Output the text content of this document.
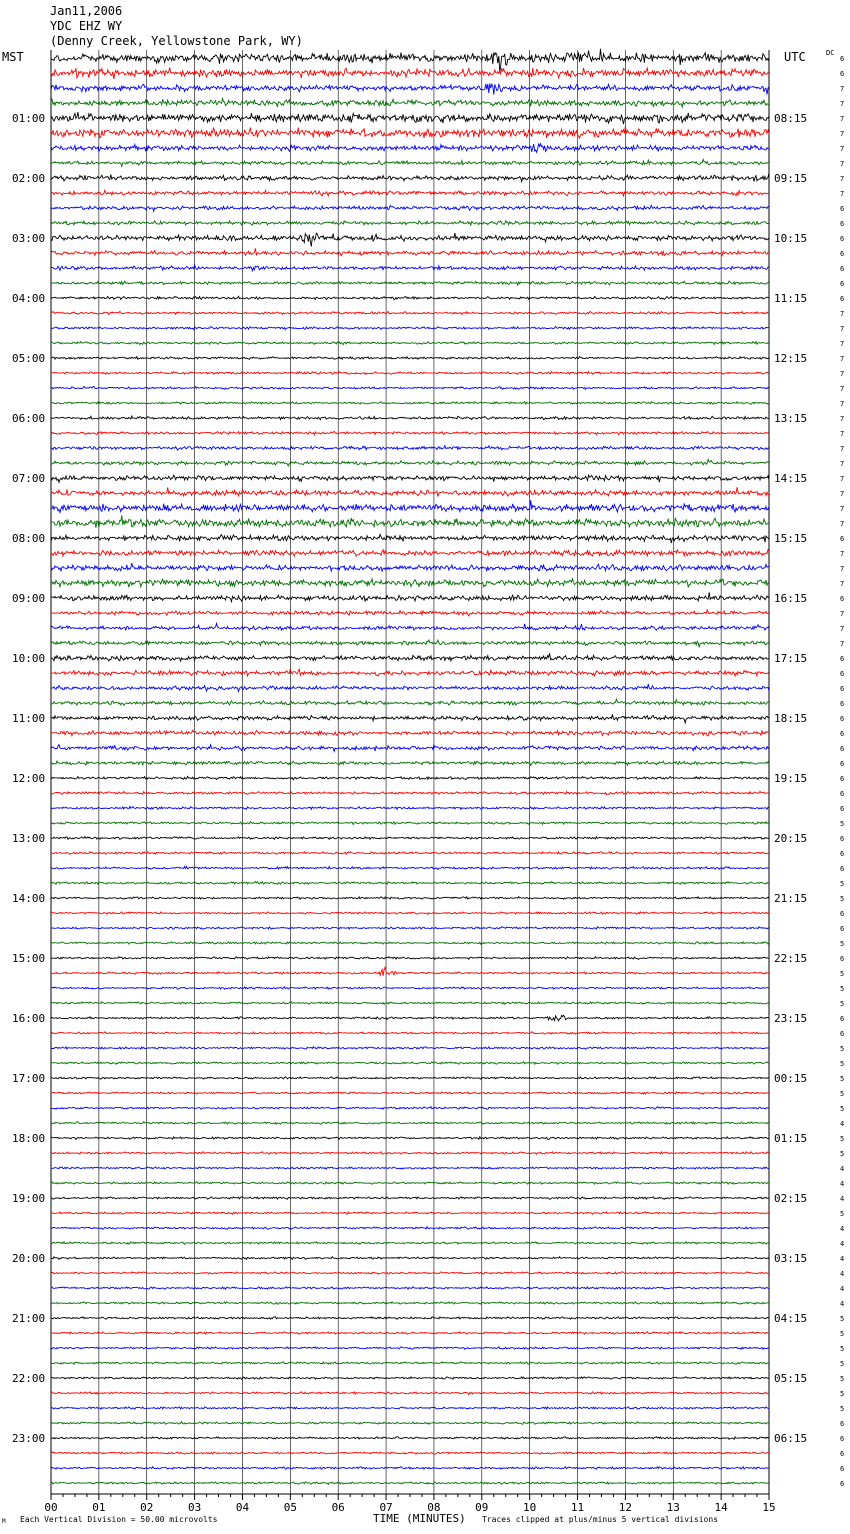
00	01	02	03	04	05	06	07	08	09	10	11	12	13	14	15
6
6
7
7
7
7
7
7
7
7
6
6
6
6
6
6
6
7
7
7
7
7
7
7
7
7
7
7
7
7
7
7
6
7
7
7
6
7
7
7
6
6
6
6
6
6
6
6
6
6
6
5
6
6
6
5
5
6
6
5
6
5
5
5
6
6
5
5
5
5
5
4
5
5
4
4
4
5
4
4
4
4
4
4
5
5
5
5
5
5
5
6
6
6
6
6
01:00
02:00
03:00
04:00
05:00
06:00
07:00
08:00
09:00
10:00
11:00
12:00
13:00
14:00
15:00
16:00
17:00
18:00
19:00
20:00
21:00
22:00
23:00
08:15
09:15
10:15
11:15
12:15
13:15
14:15
15:15
16:15
17:15
18:15
19:15
20:15
21:15
22:15
23:15
00:15
01:15
02:15
03:15
04:15
05:15
06:15
Jan11,2006
YDC EHZ WY
(Denny Creek, Yellowstone Park, WY)
MST	UTC	DC
Each Vertical Division = 50.00 microvolts	TIME (MINUTES) Traces clipped at plus/minus 5 vertical divisions
M
